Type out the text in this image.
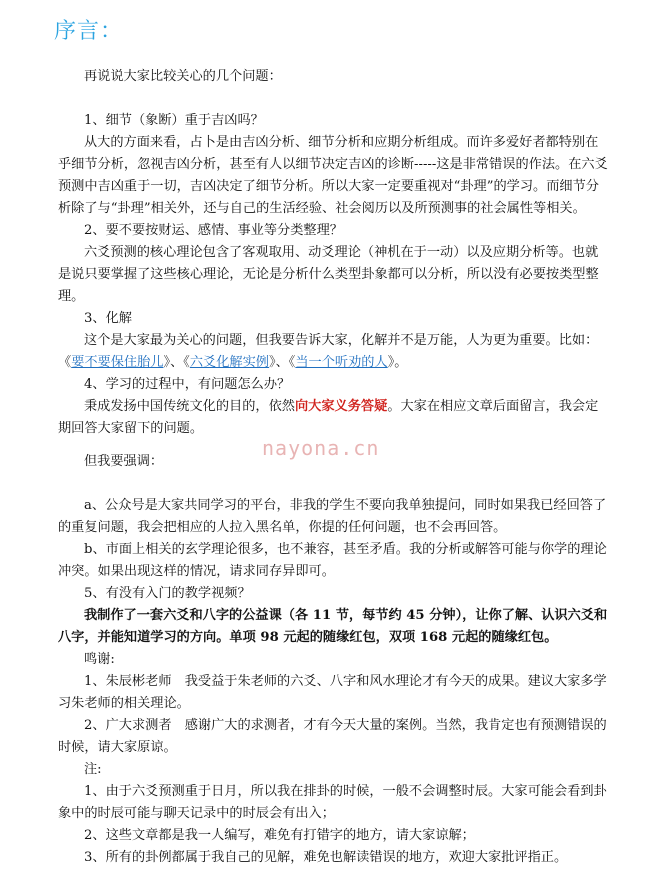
序言：

再说说大家比较关心的几个问题：

1、细节（象断）重于吉凶吗？

从大的方面来看，占卜是由吉凶分析、细节分析和应期分析组成。而许多爱好者都特别在乎细节分析，忽视吉凶分析，甚至有人以细节决定吉凶的诊断-----这是非常错误的作法。在六爻预测中吉凶重于一切，吉凶决定了细节分析。所以大家一定要重视对“卦理”的学习。而细节分析除了与“卦理”相关外，还与自己的生活经验、社会阅历以及所预测事的社会属性等相关。

2、要不要按财运、感情、事业等分类整理？

六爻预测的核心理论包含了客观取用、动爻理论（神机在于一动）以及应期分析等。也就是说只要掌握了这些核心理论，无论是分析什么类型卦象都可以分析，所以没有必要按类型整理。

3、化解

这个是大家最为关心的问题，但我要告诉大家，化解并不是万能，人为更为重要。比如：《要不要保住胎儿》、《六爻化解实例》、《当一个听劝的人》。

4、学习的过程中，有问题怎么办？

秉成发扬中国传统文化的目的，依然向大家义务答疑。大家在相应文章后面留言，我会定期回答大家留下的问题。

但我要强调：

a、公众号是大家共同学习的平台，非我的学生不要向我单独提问，同时如果我已经回答了的重复问题，我会把相应的人拉入黑名单，你提的任何问题，也不会再回答。

b、市面上相关的玄学理论很多，也不兼容，甚至矛盾。我的分析或解答可能与你学的理论冲突。如果出现这样的情况，请求同存异即可。

5、有没有入门的教学视频？

我制作了一套六爻和八字的公益课（各 11 节，每节约 45 分钟），让你了解、认识六爻和八字，并能知道学习的方向。单项 98 元起的随缘红包，双项 168 元起的随缘红包。

鸣谢:

1、朱辰彬老师　我受益于朱老师的六爻、八字和风水理论才有今天的成果。建议大家多学习朱老师的相关理论。

2、广大求测者　感谢广大的求测者，才有今天大量的案例。当然，我肯定也有预测错误的时候，请大家原谅。

注:

1、由于六爻预测重于日月，所以我在排卦的时候，一般不会调整时辰。大家可能会看到卦象中的时辰可能与聊天记录中的时辰会有出入；

2、这些文章都是我一人编写，难免有打错字的地方，请大家谅解；

3、所有的卦例都属于我自己的见解，难免也解读错误的地方，欢迎大家批评指正。

nayona.cn
